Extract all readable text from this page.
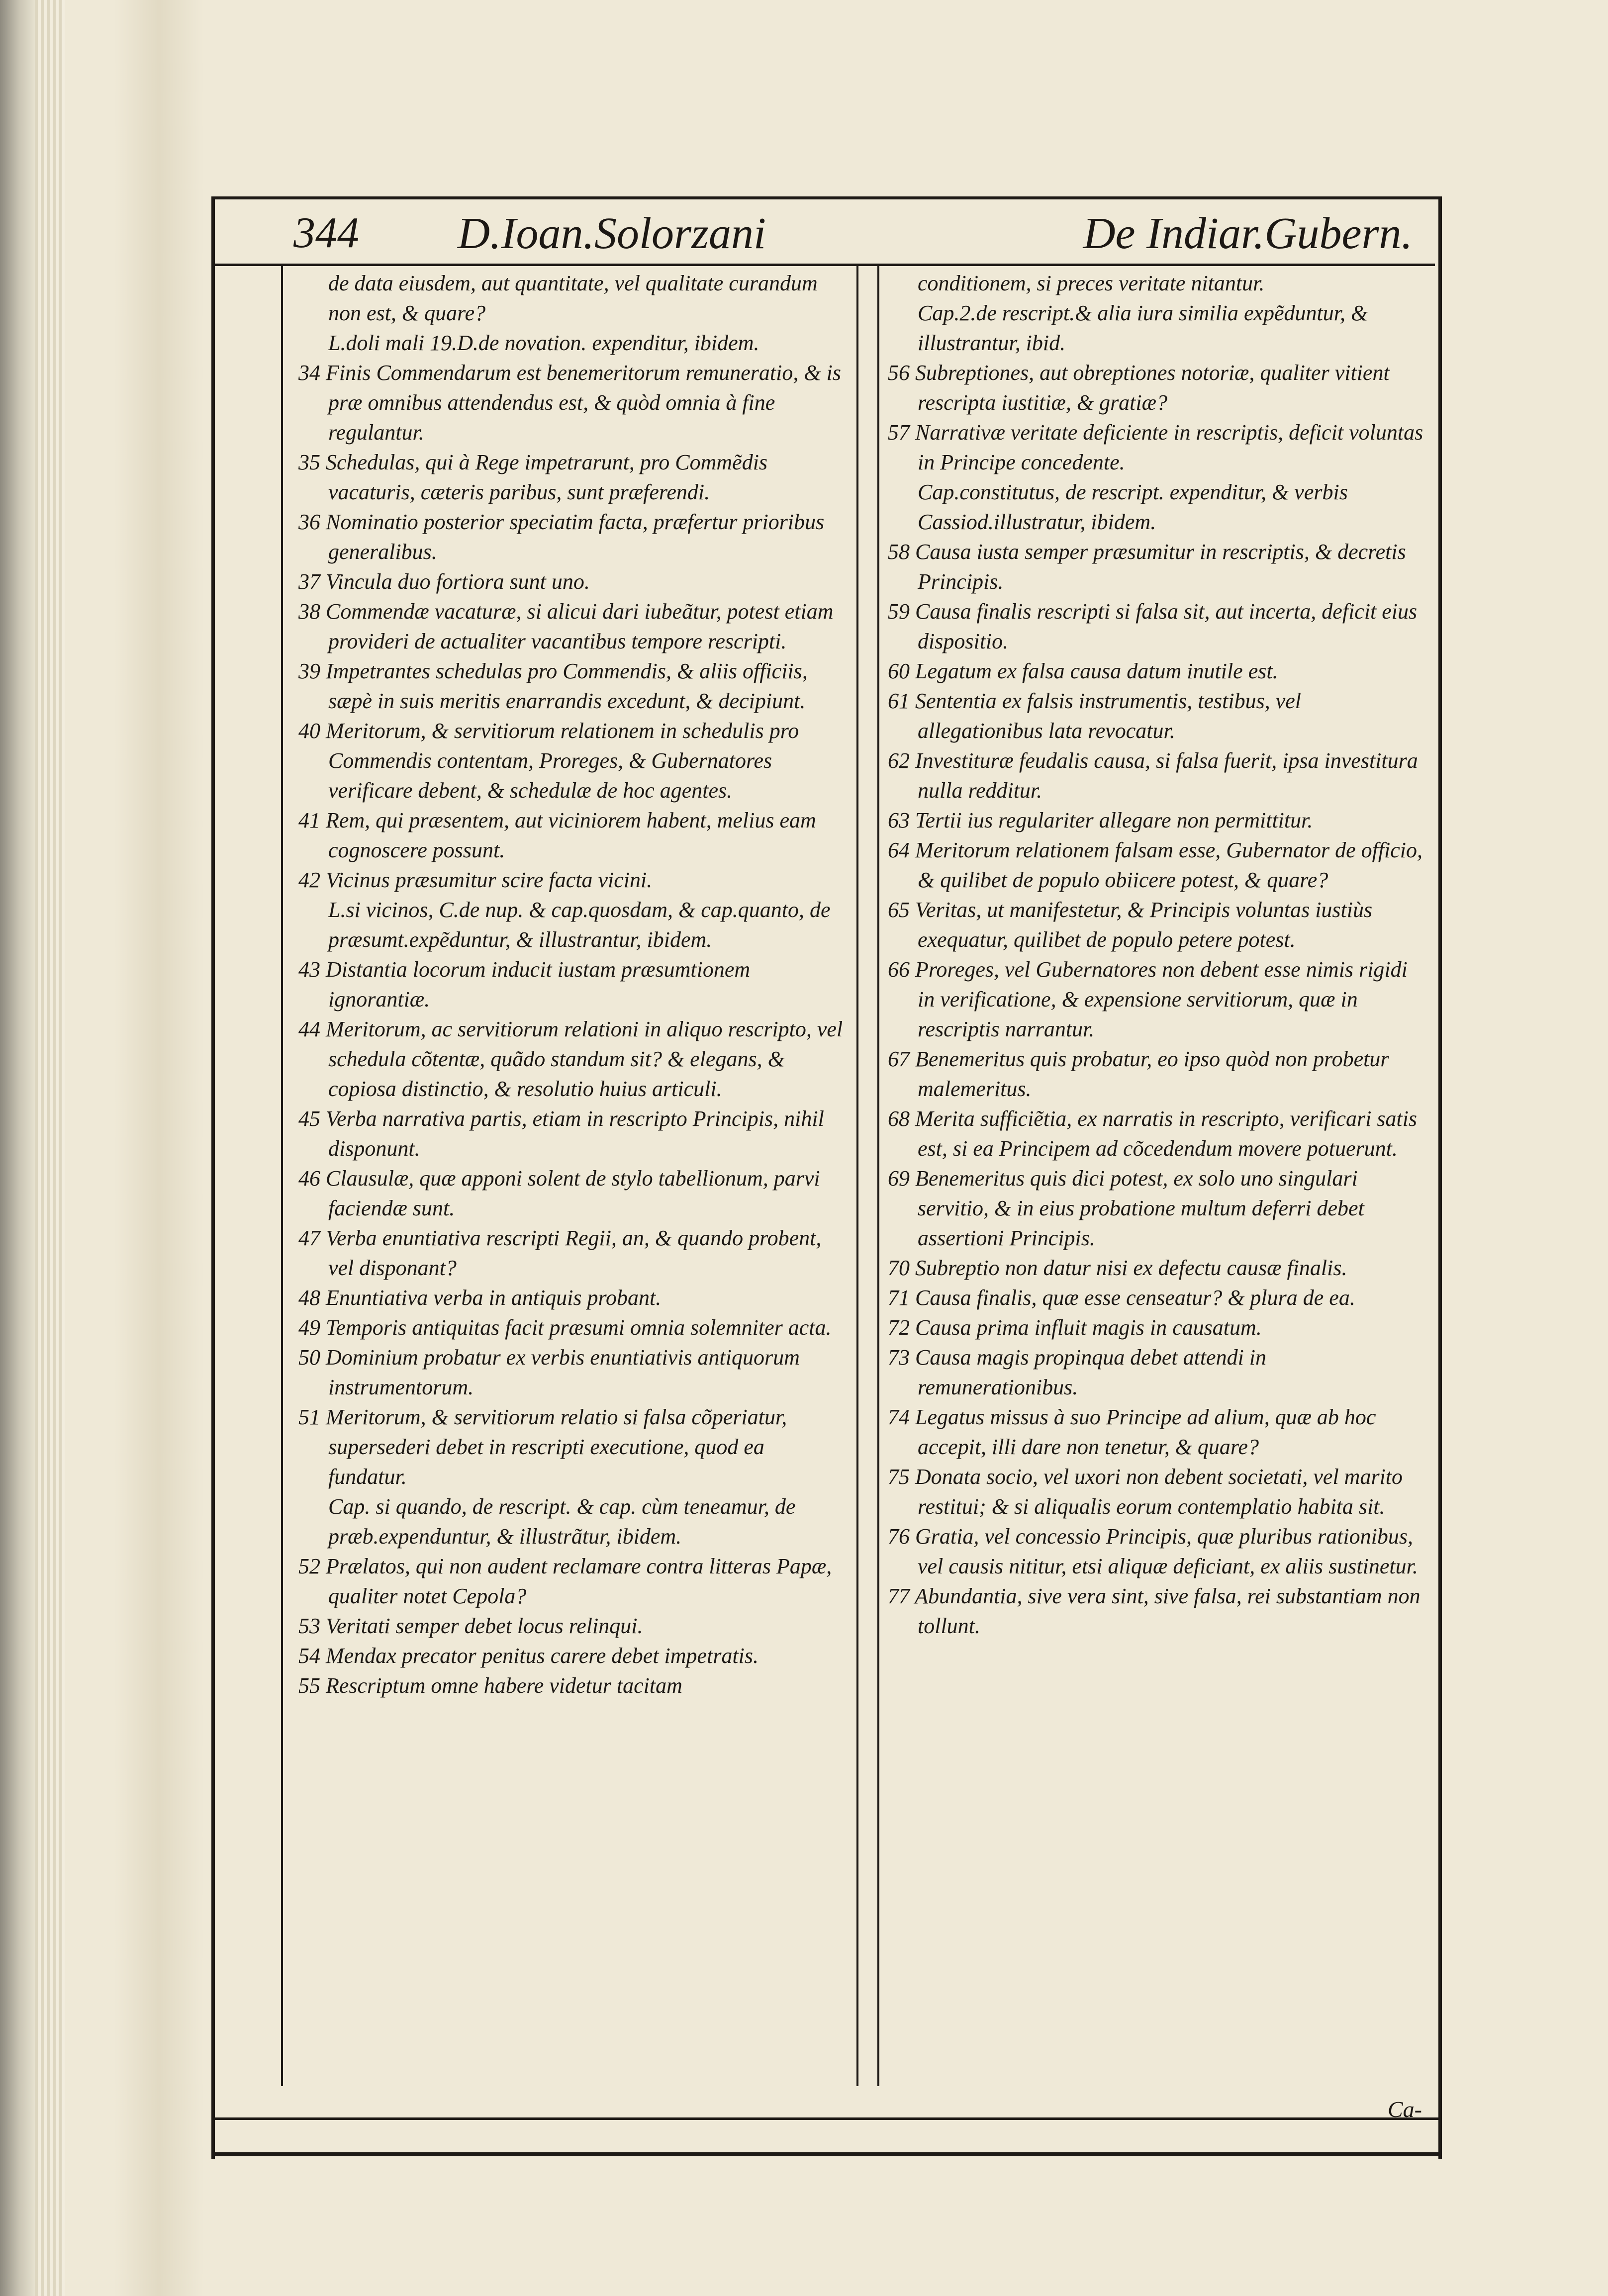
344 D.Ioan.Solorzani	De Indiar.Gubern.

de data eiusdem, aut quantitate, vel qualitate curandum non est, & quare?

L.doli mali 19.D.de novation. expenditur, ibidem.

34 Finis Commendarum est benemeritorum remuneratio, & is præ omnibus attendendus est, & quòd omnia à fine regulantur.

35 Schedulas, qui à Rege impetrarunt, pro Commẽdis vacaturis, cæteris paribus, sunt præferendi.

36 Nominatio posterior speciatim facta, præfertur prioribus generalibus.

37 Vincula duo fortiora sunt uno.

38 Commendæ vacaturæ, si alicui dari iubeãtur, potest etiam provideri de actualiter vacantibus tempore rescripti.

39 Impetrantes schedulas pro Commendis, & aliis officiis, sæpè in suis meritis enarrandis excedunt, & decipiunt.

40 Meritorum, & servitiorum relationem in schedulis pro Commendis contentam, Proreges, & Gubernatores verificare debent, & schedulæ de hoc agentes.

41 Rem, qui præsentem, aut viciniorem habent, melius eam cognoscere possunt.

42 Vicinus præsumitur scire facta vicini.

L.si vicinos, C.de nup. & cap.quosdam, & cap.quanto, de præsumt.expẽduntur, & illustrantur, ibidem.

43 Distantia locorum inducit iustam præsumtionem ignorantiæ.

44 Meritorum, ac servitiorum relationi in aliquo rescripto, vel schedula cõtentæ, quãdo standum sit? & elegans, & copiosa distinctio, & resolutio huius articuli.

45 Verba narrativa partis, etiam in rescripto Principis, nihil disponunt.

46 Clausulæ, quæ apponi solent de stylo tabellionum, parvi faciendæ sunt.

47 Verba enuntiativa rescripti Regii, an, & quando probent, vel disponant?

48 Enuntiativa verba in antiquis probant.

49 Temporis antiquitas facit præsumi omnia solemniter acta.

50 Dominium probatur ex verbis enuntiativis antiquorum instrumentorum.

51 Meritorum, & servitiorum relatio si falsa cõperiatur, supersederi debet in rescripti executione, quod ea fundatur.

Cap. si quando, de rescript. & cap. cùm teneamur, de præb.expenduntur, & illustrãtur, ibidem.

52 Prælatos, qui non audent reclamare contra litteras Papæ, qualiter notet Cepola?

53 Veritati semper debet locus relinqui.

54 Mendax precator penitus carere debet impetratis.

55 Rescriptum omne habere videtur tacitam

conditionem, si preces veritate nitantur.

Cap.2.de rescript.& alia iura similia expẽduntur, & illustrantur, ibid.

56 Subreptiones, aut obreptiones notoriæ, qualiter vitient rescripta iustitiæ, & gratiæ?

57 Narrativæ veritate deficiente in rescriptis, deficit voluntas in Principe concedente.

Cap.constitutus, de rescript. expenditur, & verbis Cassiod.illustratur, ibidem.

58 Causa iusta semper præsumitur in rescriptis, & decretis Principis.

59 Causa finalis rescripti si falsa sit, aut incerta, deficit eius dispositio.

60 Legatum ex falsa causa datum inutile est.

61 Sententia ex falsis instrumentis, testibus, vel allegationibus lata revocatur.

62 Investituræ feudalis causa, si falsa fuerit, ipsa investitura nulla redditur.

63 Tertii ius regulariter allegare non permittitur.

64 Meritorum relationem falsam esse, Gubernator de officio, & quilibet de populo obiicere potest, & quare?

65 Veritas, ut manifestetur, & Principis voluntas iustiùs exequatur, quilibet de populo petere potest.

66 Proreges, vel Gubernatores non debent esse nimis rigidi in verificatione, & expensione servitiorum, quæ in rescriptis narrantur.

67 Benemeritus quis probatur, eo ipso quòd non probetur malemeritus.

68 Merita sufficiẽtia, ex narratis in rescripto, verificari satis est, si ea Principem ad cõcedendum movere potuerunt.

69 Benemeritus quis dici potest, ex solo uno singulari servitio, & in eius probatione multum deferri debet assertioni Principis.

70 Subreptio non datur nisi ex defectu causæ finalis.

71 Causa finalis, quæ esse censeatur? & plura de ea.

72 Causa prima influit magis in causatum.

73 Causa magis propinqua debet attendi in remunerationibus.

74 Legatus missus à suo Principe ad alium, quæ ab hoc accepit, illi dare non tenetur, & quare?

75 Donata socio, vel uxori non debent societati, vel marito restitui; & si aliqualis eorum contemplatio habita sit.

76 Gratia, vel concessio Principis, quæ pluribus rationibus, vel causis nititur, etsi aliquæ deficiant, ex aliis sustinetur.

77 Abundantia, sive vera sint, sive falsa, rei substantiam non tollunt.

Ca-
